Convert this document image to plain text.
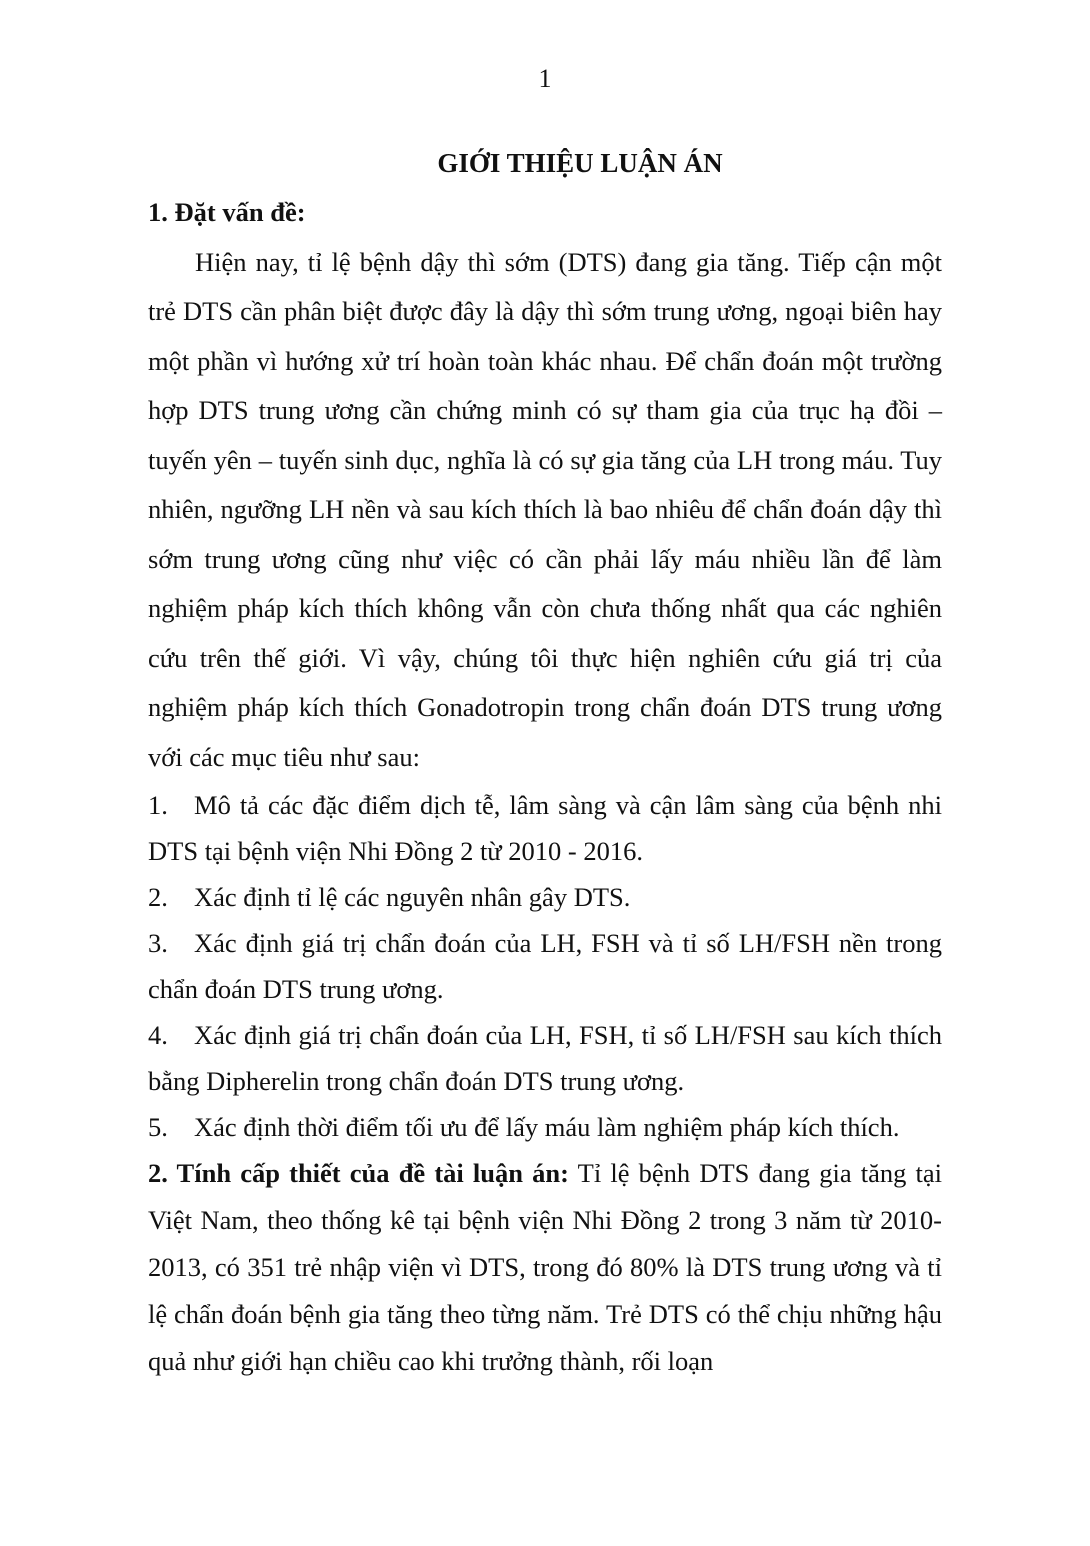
1
GIỚI THIỆU LUẬN ÁN

1. Đặt vấn đề:

Hiện nay, tỉ lệ bệnh dậy thì sớm (DTS) đang gia tăng. Tiếp cận một trẻ DTS cần phân biệt được đây là dậy thì sớm trung ương, ngoại biên hay một phần vì hướng xử trí hoàn toàn khác nhau. Để chẩn đoán một trường hợp DTS trung ương cần chứng minh có sự tham gia của trục hạ đồi – tuyến yên – tuyến sinh dục, nghĩa là có sự gia tăng của LH trong máu. Tuy nhiên, ngưỡng LH nền và sau kích thích là bao nhiêu để chẩn đoán dậy thì sớm trung ương cũng như việc có cần phải lấy máu nhiều lần để làm nghiệm pháp kích thích không vẫn còn chưa thống nhất qua các nghiên cứu trên thế giới. Vì vậy, chúng tôi thực hiện nghiên cứu giá trị của nghiệm pháp kích thích Gonadotropin trong chẩn đoán DTS trung ương với các mục tiêu như sau:

1. Mô tả các đặc điểm dịch tễ, lâm sàng và cận lâm sàng của bệnh nhi DTS tại bệnh viện Nhi Đồng 2 từ 2010 - 2016.
2. Xác định tỉ lệ các nguyên nhân gây DTS.
3. Xác định giá trị chẩn đoán của LH, FSH và tỉ số LH/FSH nền trong chẩn đoán DTS trung ương.
4. Xác định giá trị chẩn đoán của LH, FSH, tỉ số LH/FSH sau kích thích bằng Dipherelin trong chẩn đoán DTS trung ương.
5. Xác định thời điểm tối ưu để lấy máu làm nghiệm pháp kích thích.

2. Tính cấp thiết của đề tài luận án: Tỉ lệ bệnh DTS đang gia tăng tại Việt Nam, theo thống kê tại bệnh viện Nhi Đồng 2 trong 3 năm từ 2010-2013, có 351 trẻ nhập viện vì DTS, trong đó 80% là DTS trung ương và tỉ lệ chẩn đoán bệnh gia tăng theo từng năm. Trẻ DTS có thể chịu những hậu quả như giới hạn chiều cao khi trưởng thành, rối loạn
